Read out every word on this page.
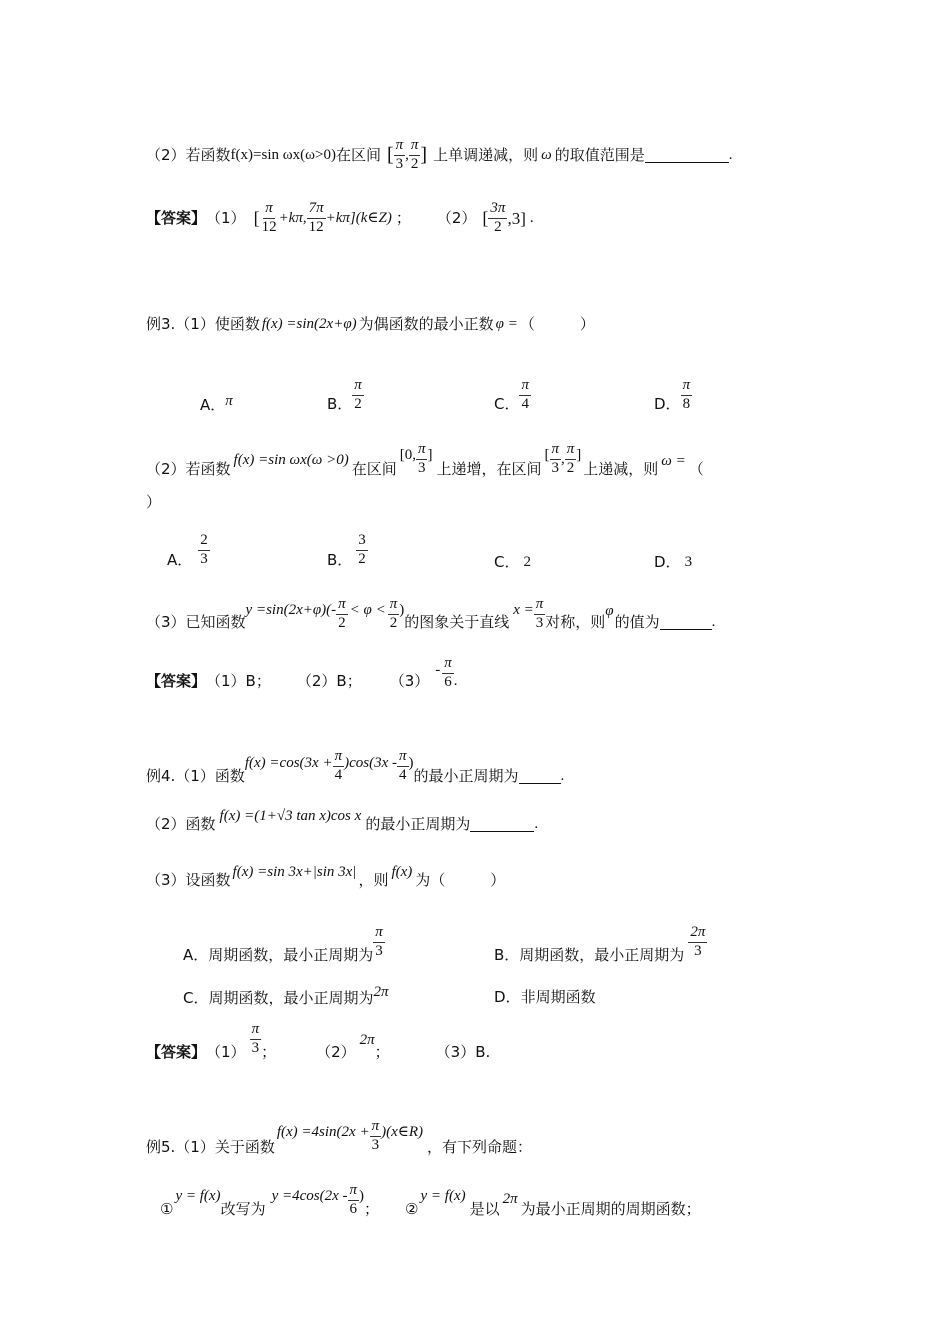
（2）若函数 f(x)=sin ωx(ω>0) 在区间 [ $\frac{\pi}{3}$ , $\frac{\pi}{2}$ ] 上单调递减，则 ω 的取值范围是	.
【答案】 （1） [ $\frac{\pi}{12} +k\pi$, $\frac{7\pi}{12}$ +kπ](k∈Z) ； （2） [ $\frac{3\pi}{2} ,3$] .
例3.（1）使函数 f(x) =sin(2x+φ) 为偶函数的最小正数 φ = （　　　）
A． π	B． $\frac{\pi}{2}$	C． $\frac{\pi}{4}$	D． $\frac{\pi}{8}$
（2）若函数 f(x) =sin ωx(ω >0) 在区间
[0, $\frac{\pi}{3}$ ]
上递增，在区间
[ $\frac{\pi}{3}$ , $\frac{\pi}{2}$ ]
上递减，则 ω = （
）
A． $\frac{2}{3}$	B． $\frac{3}{2}$	C． 2	D． 3
（3）已知函数
$y =\sin(2x+\varphi)(- \frac{\pi}{2} < \varphi < \frac{\pi}{2}$ )
的图象关于直线
$x = \frac{\pi}{3}$ 对称，则
φ
的值为	.
【答案】 （1）B； （2）B； （3）
- $\frac{\pi}{6}$ .
例4.（1）函数
$f(x) =\cos(3x + \frac{\pi}{4} )\cos(3x - \frac{\pi}{4}$ )
的最小正周期为	.
（2）函数 f(x) =(1+√3 tan x)cos x 的最小正周期为	.
（3）设函数 f(x) =sin 3x+|sin 3x| ，则 f(x) 为 （　　　）
A． 周期函数，最小正周期为 $\frac{\pi}{3}$	B． 周期函数，最小正周期为 $\frac{2\pi}{3}$
C． 周期函数，最小正周期为 2π	D． 非周期函数
【答案】 $(1) \frac{\pi}{3}$ ；	（2）
2π
；	（3）B.
例5.（1）关于函数
$f(x) =4\sin(2x + \frac{\pi}{3}$ )(x∈R)
，有下列命题：
①
y = f(x)
改写为
$y =4\cos(2x - \frac{\pi}{6}$ )
； ②
y = f(x)
是以
2π
为最小正周期的周期函数；
